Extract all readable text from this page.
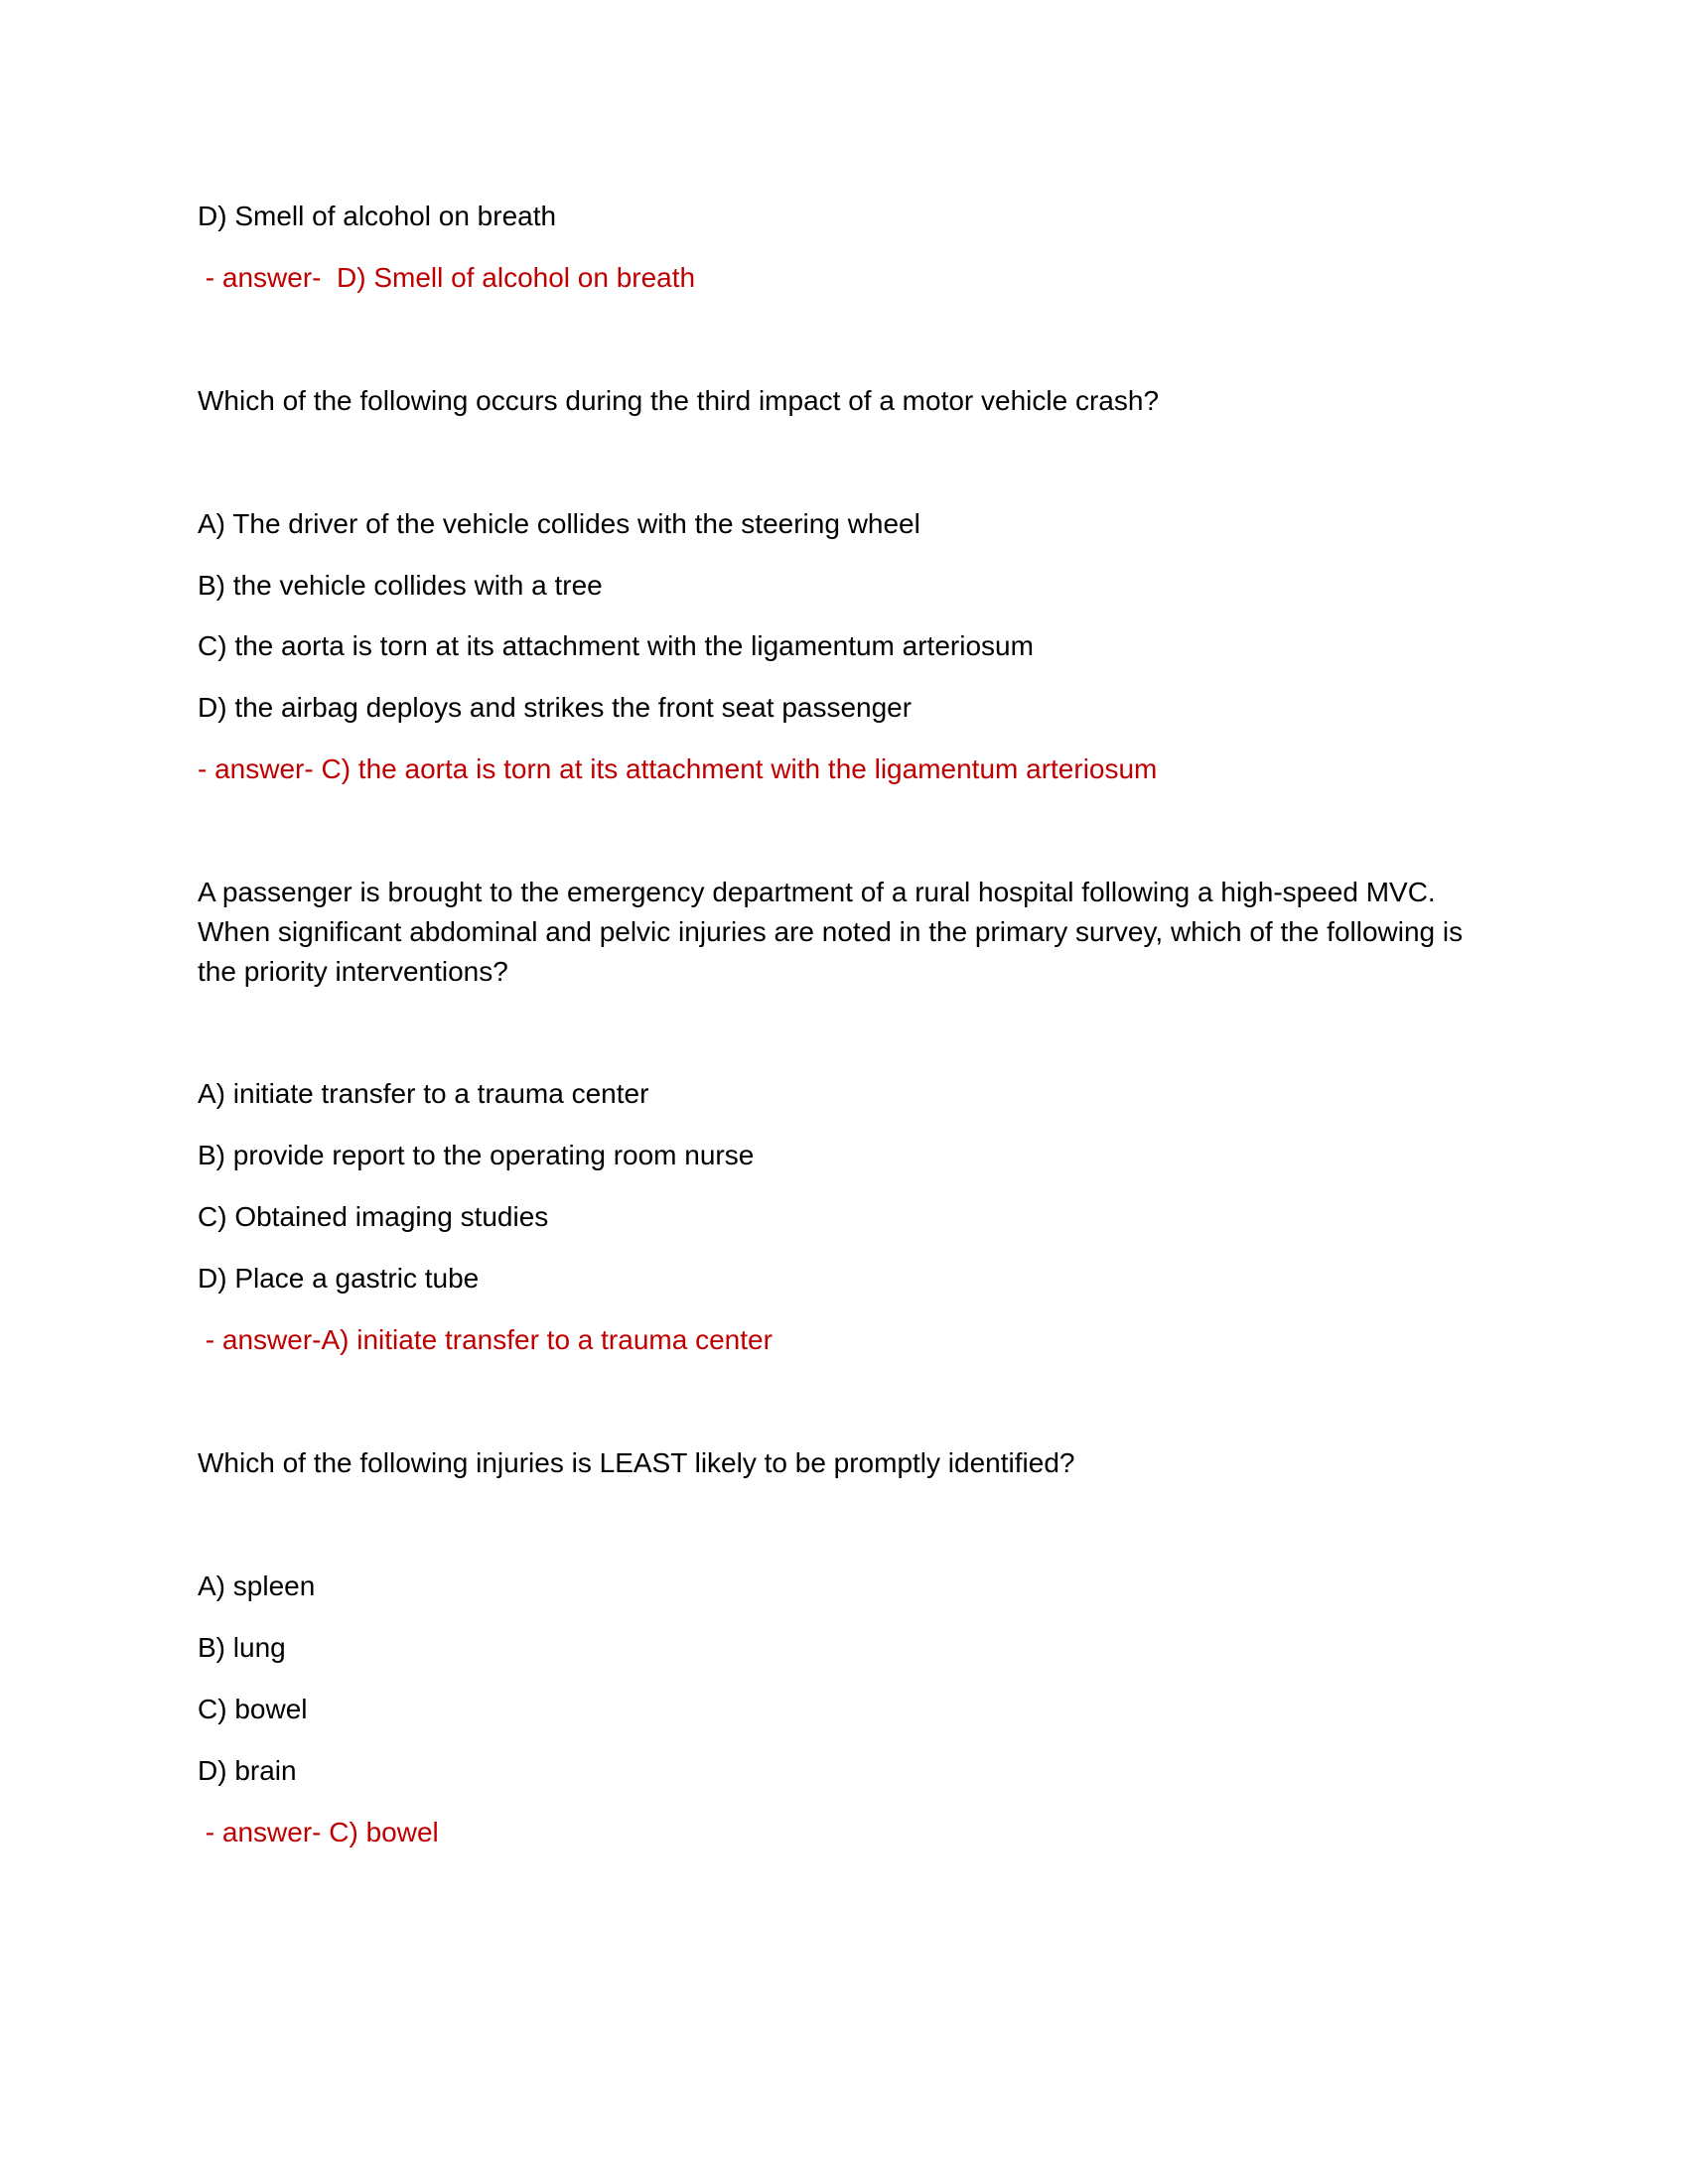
D) Smell of alcohol on breath

- answer-  D) Smell of alcohol on breath

Which of the following occurs during the third impact of a motor vehicle crash?

A) The driver of the vehicle collides with the steering wheel

B) the vehicle collides with a tree

C) the aorta is torn at its attachment with the ligamentum arteriosum

D) the airbag deploys and strikes the front seat passenger

- answer- C) the aorta is torn at its attachment with the ligamentum arteriosum

A passenger is brought to the emergency department of a rural hospital following a high-speed MVC.
When significant abdominal and pelvic injuries are noted in the primary survey, which of the following is
the priority interventions?

A) initiate transfer to a trauma center

B) provide report to the operating room nurse

C) Obtained imaging studies

D) Place a gastric tube

- answer-A) initiate transfer to a trauma center

Which of the following injuries is LEAST likely to be promptly identified?

A) spleen

B) lung

C) bowel

D) brain

- answer- C) bowel
